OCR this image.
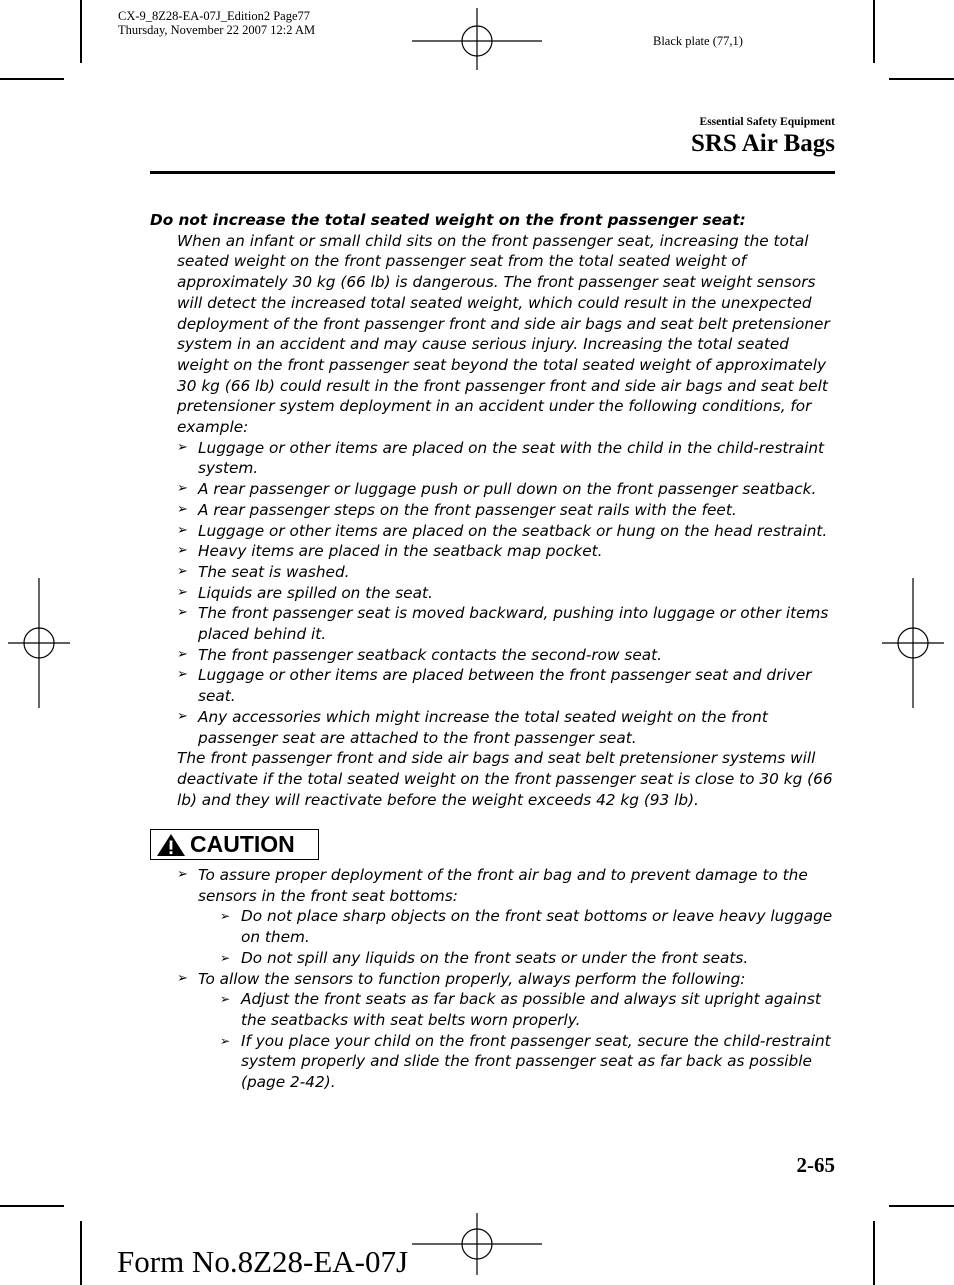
CX-9_8Z28-EA-07J_Edition2 Page77
Thursday, November 22 2007 12:2 AM
Black plate (77,1)
Essential Safety Equipment
SRS Air Bags
Do not increase the total seated weight on the front passenger seat:
When an infant or small child sits on the front passenger seat, increasing the total seated weight on the front passenger seat from the total seated weight of approximately 30 kg (66 lb) is dangerous. The front passenger seat weight sensors will detect the increased total seated weight, which could result in the unexpected deployment of the front passenger front and side air bags and seat belt pretensioner system in an accident and may cause serious injury. Increasing the total seated weight on the front passenger seat beyond the total seated weight of approximately 30 kg (66 lb) could result in the front passenger front and side air bags and seat belt pretensioner system deployment in an accident under the following conditions, for example:
➢ Luggage or other items are placed on the seat with the child in the child-restraint system.
➢ A rear passenger or luggage push or pull down on the front passenger seatback.
➢ A rear passenger steps on the front passenger seat rails with the feet.
➢ Luggage or other items are placed on the seatback or hung on the head restraint.
➢ Heavy items are placed in the seatback map pocket.
➢ The seat is washed.
➢ Liquids are spilled on the seat.
➢ The front passenger seat is moved backward, pushing into luggage or other items placed behind it.
➢ The front passenger seatback contacts the second-row seat.
➢ Luggage or other items are placed between the front passenger seat and driver seat.
➢ Any accessories which might increase the total seated weight on the front passenger seat are attached to the front passenger seat.
The front passenger front and side air bags and seat belt pretensioner systems will deactivate if the total seated weight on the front passenger seat is close to 30 kg (66 lb) and they will reactivate before the weight exceeds 42 kg (93 lb).
CAUTION
➢ To assure proper deployment of the front air bag and to prevent damage to the sensors in the front seat bottoms:
➢ Do not place sharp objects on the front seat bottoms or leave heavy luggage on them.
➢ Do not spill any liquids on the front seats or under the front seats.
➢ To allow the sensors to function properly, always perform the following:
➢ Adjust the front seats as far back as possible and always sit upright against the seatbacks with seat belts worn properly.
➢ If you place your child on the front passenger seat, secure the child-restraint system properly and slide the front passenger seat as far back as possible (page 2-42).
2-65
Form No.8Z28-EA-07J
